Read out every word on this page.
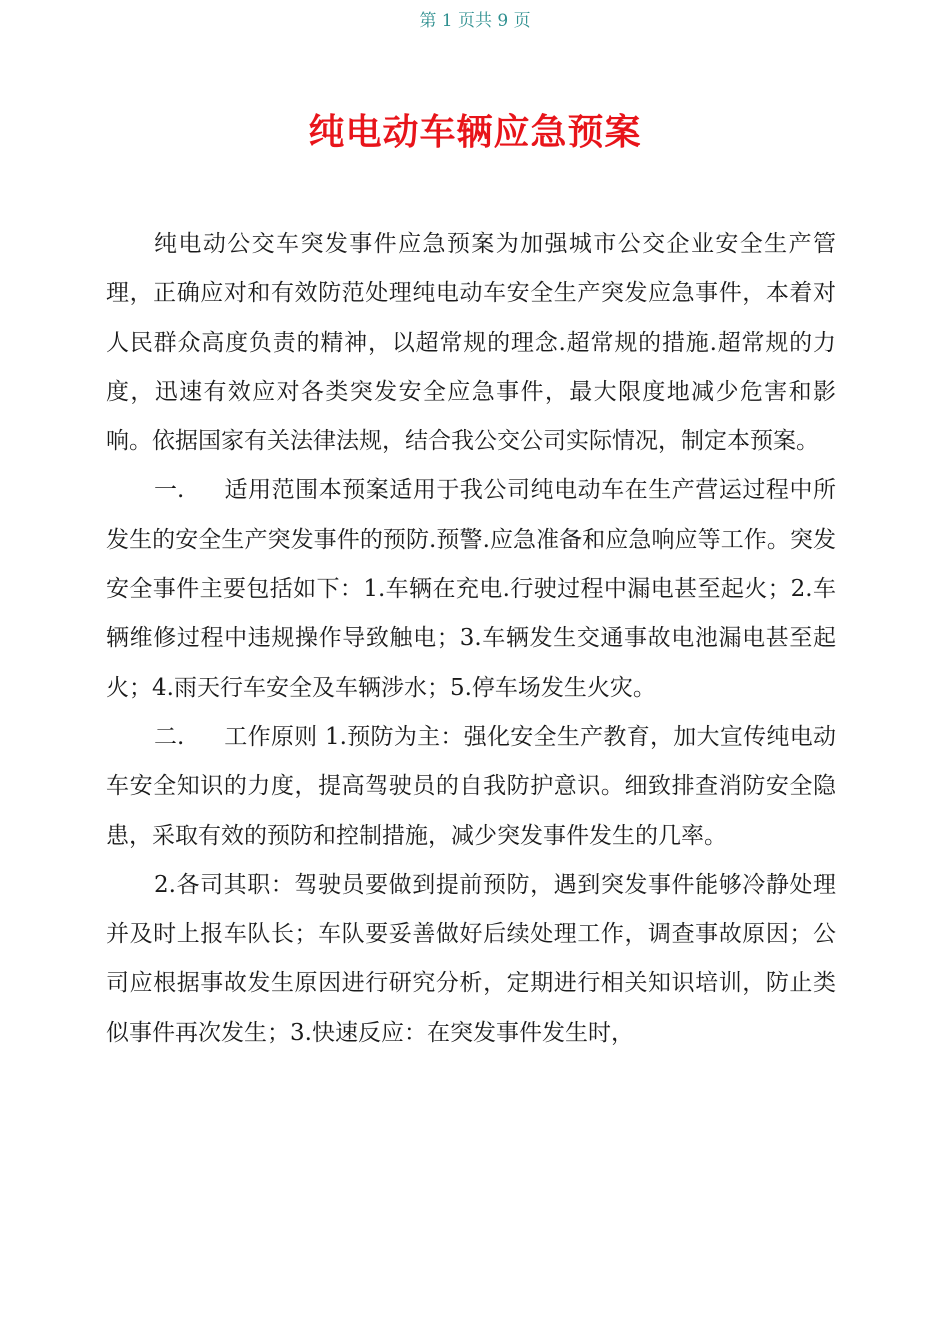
第 1 页共 9 页
纯电动车辆应急预案

纯电动公交车突发事件应急预案为加强城市公交企业安全生产管理，正确应对和有效防范处理纯电动车安全生产突发应急事件，本着对人民群众高度负责的精神，以超常规的理念.超常规的措施.超常规的力度，迅速有效应对各类突发安全应急事件，最大限度地减少危害和影响。依据国家有关法律法规，结合我公交公司实际情况，制定本预案。

一. 适用范围本预案适用于我公司纯电动车在生产营运过程中所发生的安全生产突发事件的预防.预警.应急准备和应急响应等工作。突发安全事件主要包括如下：1.车辆在充电.行驶过程中漏电甚至起火；2.车辆维修过程中违规操作导致触电；3.车辆发生交通事故电池漏电甚至起火；4.雨天行车安全及车辆涉水；5.停车场发生火灾。

二. 工作原则 1.预防为主：强化安全生产教育，加大宣传纯电动车安全知识的力度，提高驾驶员的自我防护意识。细致排查消防安全隐患，采取有效的预防和控制措施，减少突发事件发生的几率。

2.各司其职：驾驶员要做到提前预防，遇到突发事件能够冷静处理并及时上报车队长；车队要妥善做好后续处理工作，调查事故原因；公司应根据事故发生原因进行研究分析，定期进行相关知识培训，防止类似事件再次发生；3.快速反应：在突发事件发生时，
